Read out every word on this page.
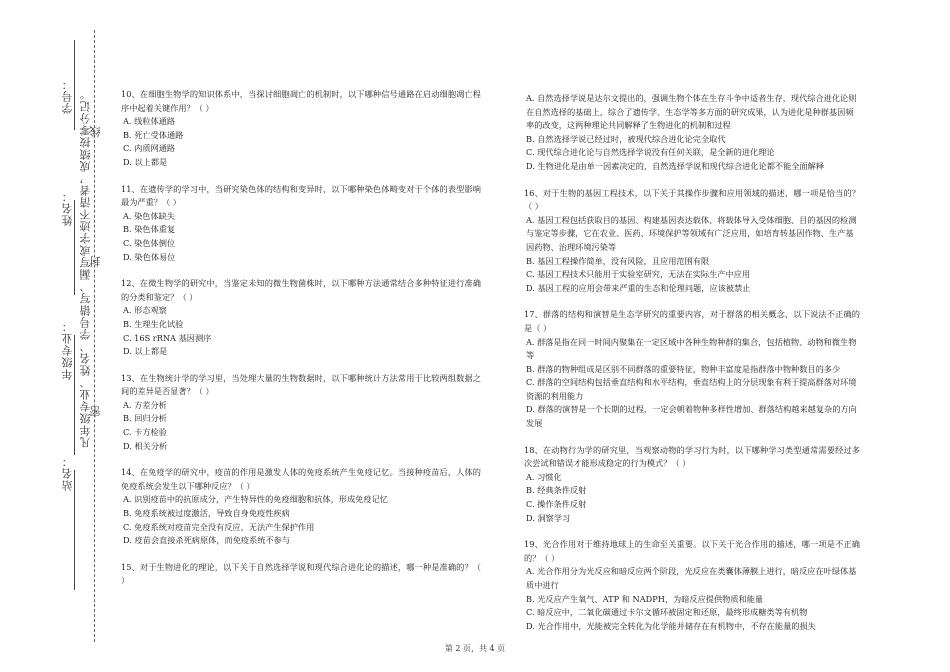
学号：
姓名：
年级专业：
站名：
凡年级专业、姓名、学号错写、漏写或字迹不清者，成绩按零分记。
密
封
线

10、在细胞生物学的知识体系中，当探讨细胞凋亡的机制时，以下哪种信号通路在启动细胞凋亡程序中起着关键作用？（ ）

A. 线粒体通路

B. 死亡受体通路

C. 内质网通路

D. 以上都是

11、在遗传学的学习中，当研究染色体的结构和变异时，以下哪种染色体畸变对于个体的表型影响最为严重？（ ）

A. 染色体缺失

B. 染色体重复

C. 染色体倒位

D. 染色体易位

12、在微生物学的研究中，当鉴定未知的微生物菌株时，以下哪种方法通常结合多种特征进行准确的分类和鉴定？（ ）

A. 形态观察

B. 生理生化试验

C. 16S rRNA 基因测序

D. 以上都是

13、在生物统计学的学习里，当处理大量的生物数据时，以下哪种统计方法常用于比较两组数据之间的差异是否显著？（ ）

A. 方差分析

B. 回归分析

C. 卡方检验

D. 相关分析

14、在免疫学的研究中，疫苗的作用是激发人体的免疫系统产生免疫记忆。当接种疫苗后，人体的免疫系统会发生以下哪种反应？（ ）

A. 识别疫苗中的抗原成分，产生特异性的免疫细胞和抗体，形成免疫记忆

B. 免疫系统被过度激活，导致自身免疫性疾病

C. 免疫系统对疫苗完全没有反应，无法产生保护作用

D. 疫苗会直接杀死病原体，而免疫系统不参与

15、对于生物进化的理论，以下关于自然选择学说和现代综合进化论的描述，哪一种是准确的？（ ）

A. 自然选择学说是达尔文提出的，强调生物个体在生存斗争中适者生存，现代综合进化论则在自然选择的基础上，综合了遗传学、生态学等多方面的研究成果，认为进化是种群基因频率的改变，这两种理论共同解释了生物进化的机制和过程

B. 自然选择学说已经过时，被现代综合进化论完全取代

C. 现代综合进化论与自然选择学说没有任何关联，是全新的进化理论

D. 生物进化是由单一因素决定的，自然选择学说和现代综合进化论都不能全面解释

16、对于生物的基因工程技术，以下关于其操作步骤和应用领域的描述，哪一项是恰当的？（ ）

A. 基因工程包括获取目的基因、构建基因表达载体、将载体导入受体细胞、目的基因的检测与鉴定等步骤，它在农业、医药、环境保护等领域有广泛应用，如培育转基因作物、生产基因药物、治理环境污染等

B. 基因工程操作简单，没有风险，且应用范围有限

C. 基因工程技术只能用于实验室研究，无法在实际生产中应用

D. 基因工程的应用会带来严重的生态和伦理问题，应该被禁止

17、群落的结构和演替是生态学研究的重要内容，对于群落的相关概念，以下说法不正确的是（ ）

A. 群落是指在同一时间内聚集在一定区域中各种生物种群的集合，包括植物、动物和微生物等

B. 群落的物种组成是区别不同群落的重要特征，物种丰富度是指群落中物种数目的多少

C. 群落的空间结构包括垂直结构和水平结构，垂直结构上的分层现象有利于提高群落对环境资源的利用能力

D. 群落的演替是一个长期的过程，一定会朝着物种多样性增加、群落结构越来越复杂的方向发展

18、在动物行为学的研究里，当观察动物的学习行为时，以下哪种学习类型通常需要经过多次尝试和错误才能形成稳定的行为模式？（ ）

A. 习惯化

B. 经典条件反射

C. 操作条件反射

D. 洞察学习

19、光合作用对于维持地球上的生命至关重要。以下关于光合作用的描述，哪一项是不正确的？（ ）

A. 光合作用分为光反应和暗反应两个阶段，光反应在类囊体薄膜上进行，暗反应在叶绿体基质中进行

B. 光反应产生氧气、ATP 和 NADPH，为暗反应提供物质和能量

C. 暗反应中，二氧化碳通过卡尔文循环被固定和还原，最终形成糖类等有机物

D. 光合作用中，光能被完全转化为化学能并储存在有机物中，不存在能量的损失

第 2 页，共 4 页
